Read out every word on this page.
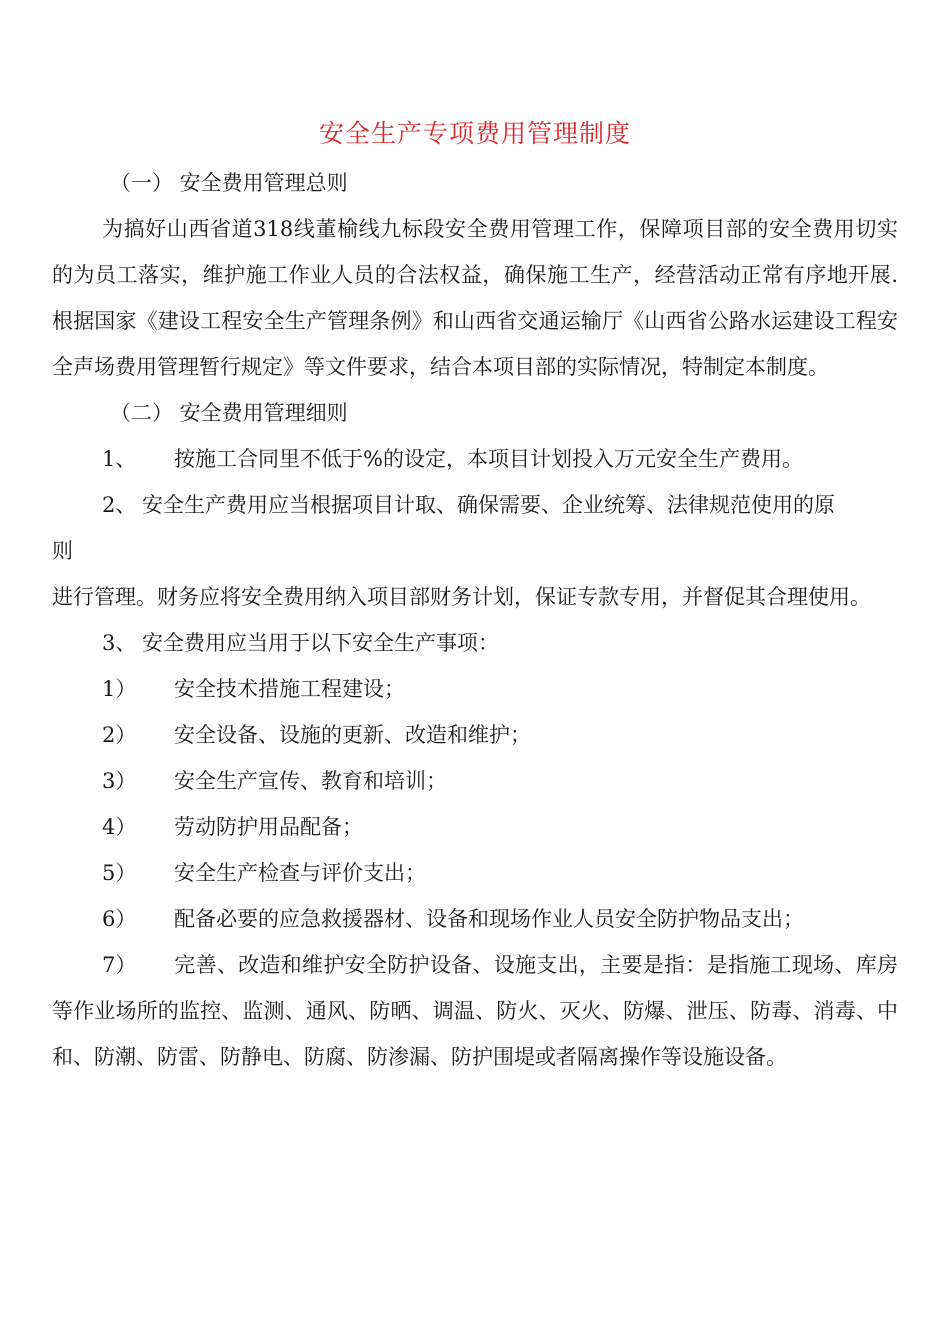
安全生产专项费用管理制度
（一） 安全费用管理总则
为搞好山西省道318线董榆线九标段安全费用管理工作，保障项目部的安全费用切实的为员工落实，维护施工作业人员的合法权益，确保施工生产，经营活动正常有序地开展.根据国家《建设工程安全生产管理条例》和山西省交通运输厅《山西省公路水运建设工程安全声场费用管理暂行规定》等文件要求，结合本项目部的实际情况，特制定本制度。
（二） 安全费用管理细则
1、 按施工合同里不低于%的设定，本项目计划投入万元安全生产费用。
2、 安全生产费用应当根据项目计取、确保需要、企业统筹、法律规范使用的原
则
进行管理。财务应将安全费用纳入项目部财务计划，保证专款专用，并督促其合理使用。
3、 安全费用应当用于以下安全生产事项：
1） 安全技术措施工程建设；
2） 安全设备、设施的更新、改造和维护；
3） 安全生产宣传、教育和培训；
4） 劳动防护用品配备；
5） 安全生产检查与评价支出；
6） 配备必要的应急救援器材、设备和现场作业人员安全防护物品支出；
7） 完善、改造和维护安全防护设备、设施支出，主要是指：是指施工现场、库房等作业场所的监控、监测、通风、防晒、调温、防火、灭火、防爆、泄压、防毒、消毒、中和、防潮、防雷、防静电、防腐、防渗漏、防护围堤或者隔离操作等设施设备。
